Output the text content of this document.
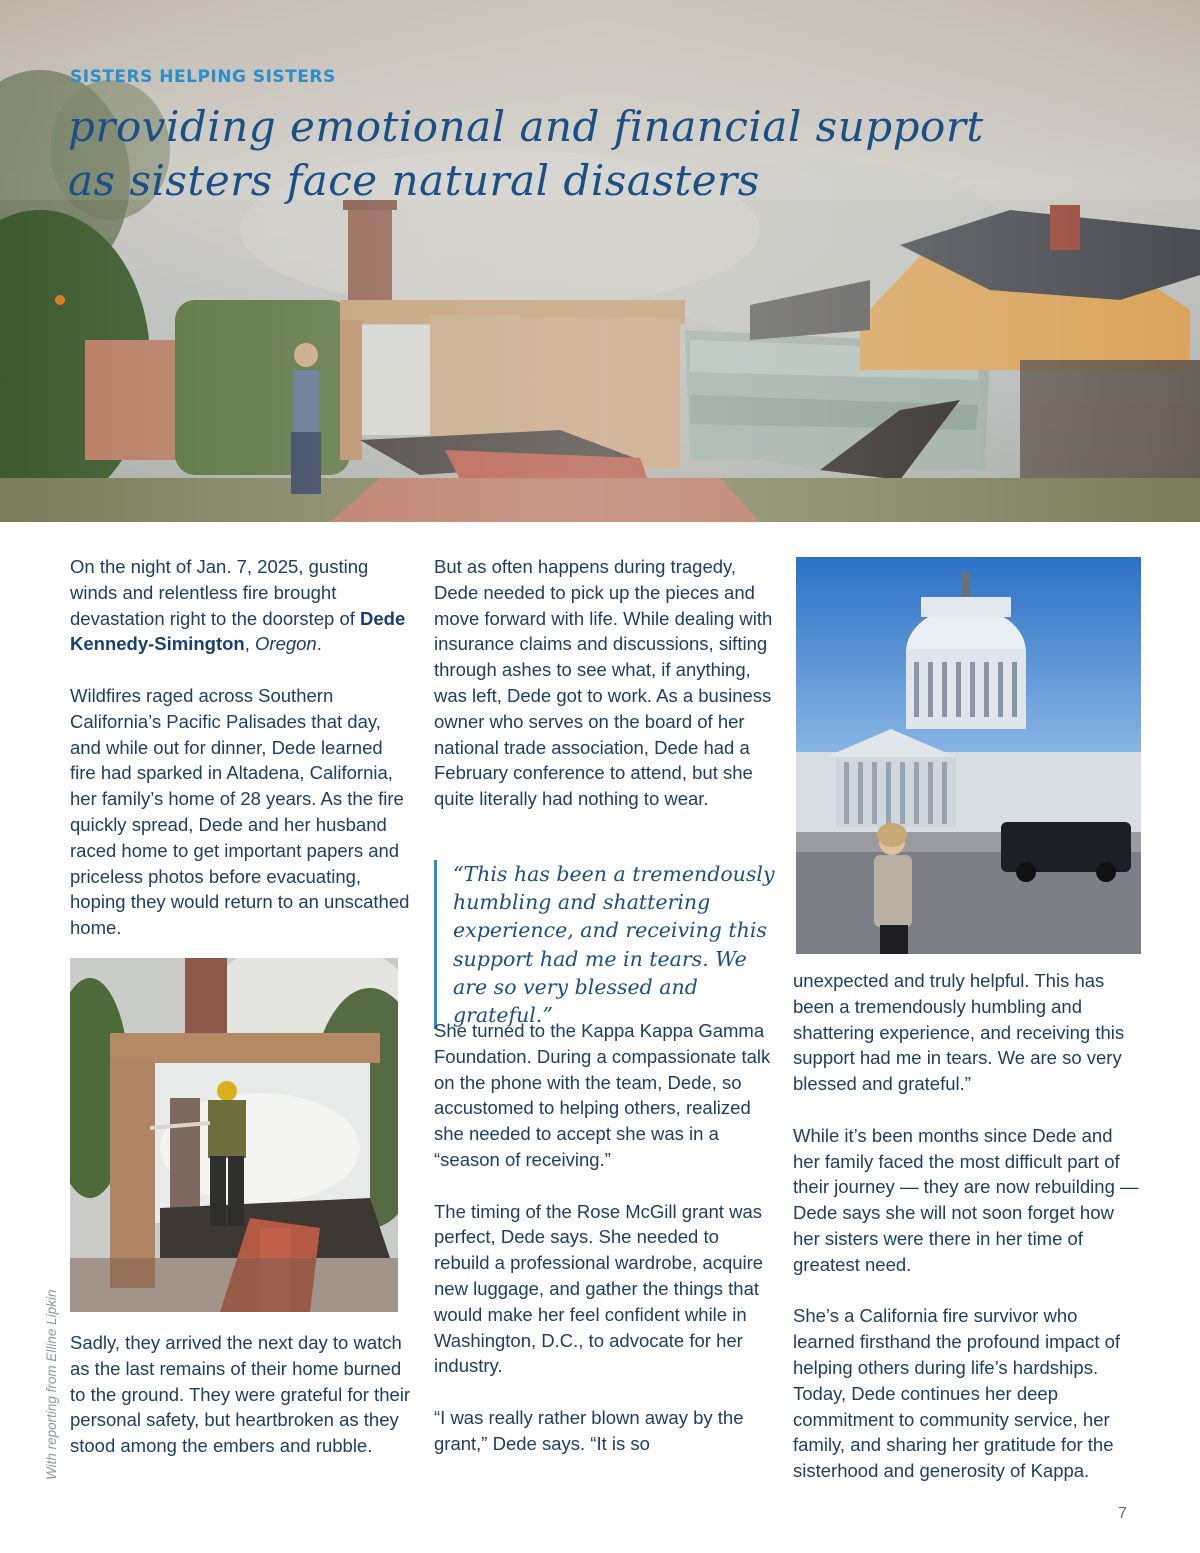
SISTERS HELPING SISTERS

providing emotional and financial support
as sisters face natural disasters

On the night of Jan. 7, 2025, gusting winds and relentless fire brought devastation right to the doorstep of Dede Kennedy-Simington, Oregon.

Wildfires raged across Southern California’s Pacific Palisades that day, and while out for dinner, Dede learned fire had sparked in Altadena, California, her family’s home of 28 years. As the fire quickly spread, Dede and her husband raced home to get important papers and priceless photos before evacuating, hoping they would return to an unscathed home.

Sadly, they arrived the next day to watch as the last remains of their home burned to the ground. They were grateful for their personal safety, but heartbroken as they stood among the embers and rubble.

But as often happens during tragedy, Dede needed to pick up the pieces and move forward with life. While dealing with insurance claims and discussions, sifting through ashes to see what, if anything, was left, Dede got to work. As a business owner who serves on the board of her national trade association, Dede had a February conference to attend, but she quite literally had nothing to wear.

“This has been a tremendously humbling and shattering experience, and receiving this support had me in tears. We are so very blessed and grateful.”

She turned to the Kappa Kappa Gamma Foundation. During a compassionate talk on the phone with the team, Dede, so accustomed to helping others, realized she needed to accept she was in a “season of receiving.”

The timing of the Rose McGill grant was perfect, Dede says. She needed to rebuild a professional wardrobe, acquire new luggage, and gather the things that would make her feel confident while in Washington, D.C., to advocate for her industry.

“I was really rather blown away by the grant,” Dede says. “It is so

unexpected and truly helpful. This has been a tremendously humbling and shattering experience, and receiving this support had me in tears. We are so very blessed and grateful.”

While it’s been months since Dede and her family faced the most difficult part of their journey — they are now rebuilding — Dede says she will not soon forget how her sisters were there in her time of greatest need.

She’s a California fire survivor who learned firsthand the profound impact of helping others during life’s hardships. Today, Dede continues her deep commitment to community service, her family, and sharing her gratitude for the sisterhood and generosity of Kappa.

With reporting from Elline Lipkin
7
